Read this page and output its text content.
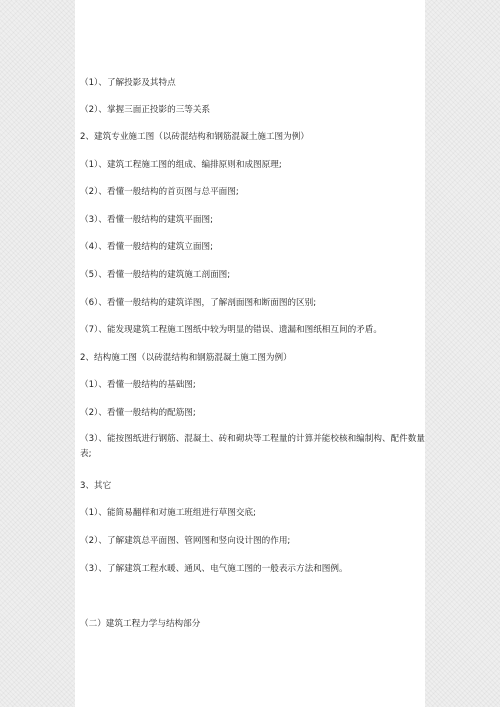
（1）、了解投影及其特点
（2）、掌握三面正投影的三等关系
2、建筑专业施工图（以砖混结构和钢筋混凝土施工图为例）
（1）、建筑工程施工图的组成、编排原则和成图原理;
（2）、看懂一般结构的首页图与总平面图;
（3）、看懂一般结构的建筑平面图;
（4）、看懂一般结构的建筑立面图;
（5）、看懂一般结构的建筑施工剖面图;
（6）、看懂一般结构的建筑详图，了解剖面图和断面图的区别;
（7）、能发现建筑工程施工图纸中较为明显的错误、遗漏和图纸相互间的矛盾。
2、结构施工图（以砖混结构和钢筋混凝土施工图为例）
（1）、看懂一般结构的基础图;
（2）、看懂一般结构的配筋图;
（3）、能按图纸进行钢筋、混凝土、砖和砌块等工程量的计算并能校核和编制构、配件数量表;
3、其它
（1）、能简易翻样和对施工班组进行草图交底;
（2）、了解建筑总平面图、管网图和竖向设计图的作用;
（3）、了解建筑工程水暖、通风、电气施工图的一般表示方法和图例。
（二）建筑工程力学与结构部分
